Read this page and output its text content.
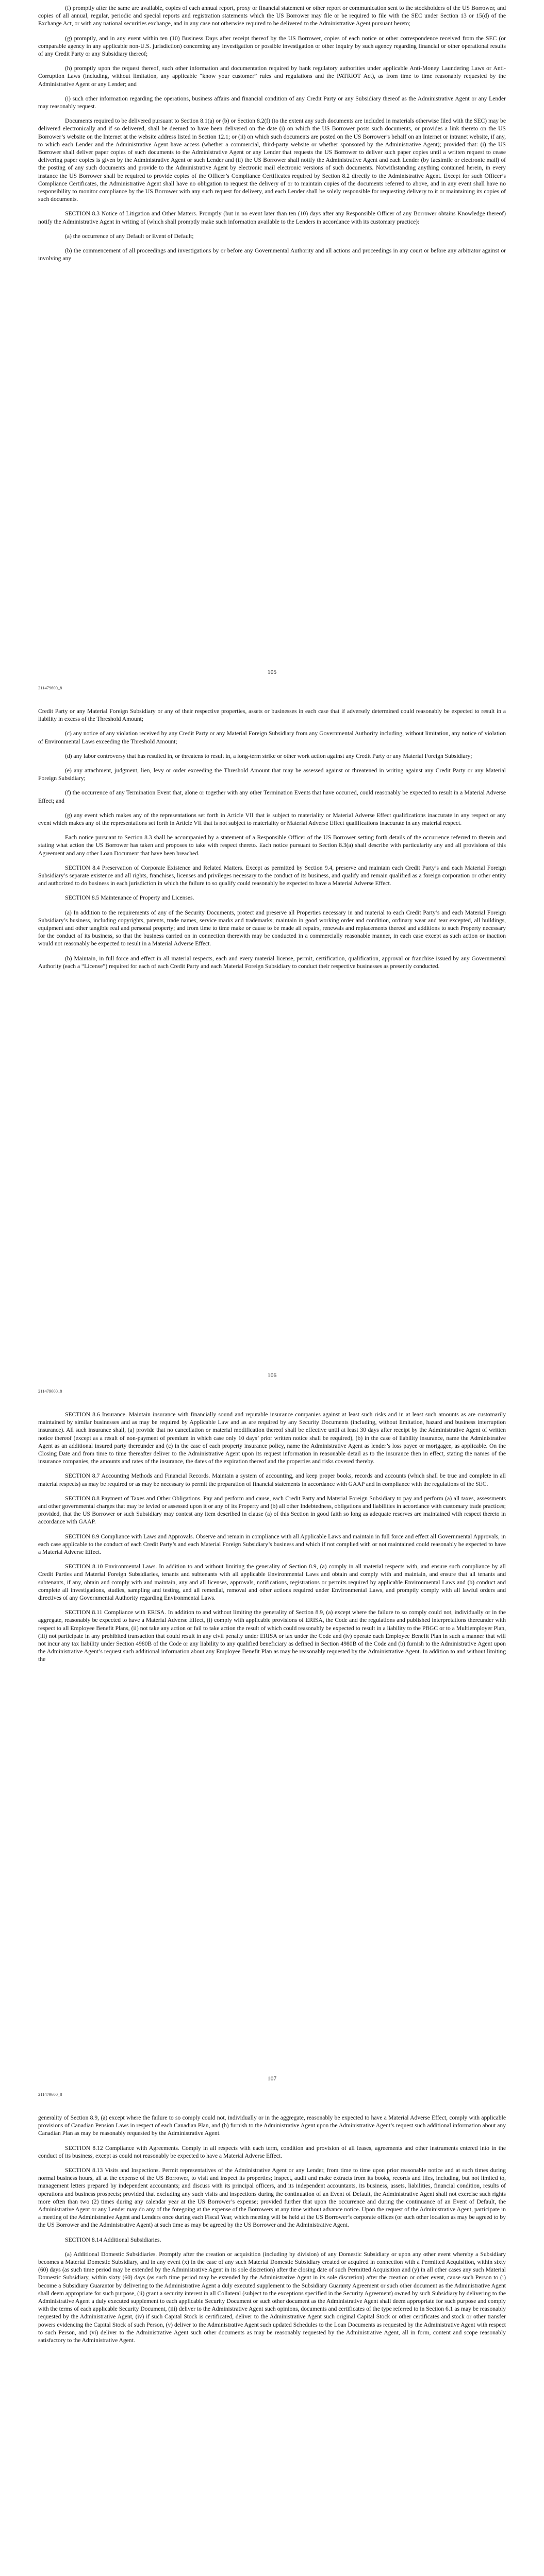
(f) promptly after the same are available, copies of each annual report, proxy or financial statement or other report or communication sent to the stockholders of the US Borrower, and copies of all annual, regular, periodic and special reports and registration statements which the US Borrower may file or be required to file with the SEC under Section 13 or 15(d) of the Exchange Act, or with any national securities exchange, and in any case not otherwise required to be delivered to the Administrative Agent pursuant hereto;

(g) promptly, and in any event within ten (10) Business Days after receipt thereof by the US Borrower, copies of each notice or other correspondence received from the SEC (or comparable agency in any applicable non-U.S. jurisdiction) concerning any investigation or possible investigation or other inquiry by such agency regarding financial or other operational results of any Credit Party or any Subsidiary thereof;

(h) promptly upon the request thereof, such other information and documentation required by bank regulatory authorities under applicable Anti-Money Laundering Laws or Anti-Corruption Laws (including, without limitation, any applicable “know your customer” rules and regulations and the PATRIOT Act), as from time to time reasonably requested by the Administrative Agent or any Lender; and

(i) such other information regarding the operations, business affairs and financial condition of any Credit Party or any Subsidiary thereof as the Administrative Agent or any Lender may reasonably request.

Documents required to be delivered pursuant to Section 8.1(a) or (b) or Section 8.2(f) (to the extent any such documents are included in materials otherwise filed with the SEC) may be delivered electronically and if so delivered, shall be deemed to have been delivered on the date (i) on which the US Borrower posts such documents, or provides a link thereto on the US Borrower’s website on the Internet at the website address listed in Section 12.1; or (ii) on which such documents are posted on the US Borrower’s behalf on an Internet or intranet website, if any, to which each Lender and the Administrative Agent have access (whether a commercial, third-party website or whether sponsored by the Administrative Agent); provided that: (i) the US Borrower shall deliver paper copies of such documents to the Administrative Agent or any Lender that requests the US Borrower to deliver such paper copies until a written request to cease delivering paper copies is given by the Administrative Agent or such Lender and (ii) the US Borrower shall notify the Administrative Agent and each Lender (by facsimile or electronic mail) of the posting of any such documents and provide to the Administrative Agent by electronic mail electronic versions of such documents. Notwithstanding anything contained herein, in every instance the US Borrower shall be required to provide copies of the Officer’s Compliance Certificates required by Section 8.2 directly to the Administrative Agent. Except for such Officer’s Compliance Certificates, the Administrative Agent shall have no obligation to request the delivery of or to maintain copies of the documents referred to above, and in any event shall have no responsibility to monitor compliance by the US Borrower with any such request for delivery, and each Lender shall be solely responsible for requesting delivery to it or maintaining its copies of such documents.

SECTION 8.3 Notice of Litigation and Other Matters. Promptly (but in no event later than ten (10) days after any Responsible Officer of any Borrower obtains Knowledge thereof) notify the Administrative Agent in writing of (which shall promptly make such information available to the Lenders in accordance with its customary practice):

(a) the occurrence of any Default or Event of Default;

(b) the commencement of all proceedings and investigations by or before any Governmental Authority and all actions and proceedings in any court or before any arbitrator against or involving any

105
211479600_8

Credit Party or any Material Foreign Subsidiary or any of their respective properties, assets or businesses in each case that if adversely determined could reasonably be expected to result in a liability in excess of the Threshold Amount;

(c) any notice of any violation received by any Credit Party or any Material Foreign Subsidiary from any Governmental Authority including, without limitation, any notice of violation of Environmental Laws exceeding the Threshold Amount;

(d) any labor controversy that has resulted in, or threatens to result in, a long-term strike or other work action against any Credit Party or any Material Foreign Subsidiary;

(e) any attachment, judgment, lien, levy or order exceeding the Threshold Amount that may be assessed against or threatened in writing against any Credit Party or any Material Foreign Subsidiary;

(f) the occurrence of any Termination Event that, alone or together with any other Termination Events that have occurred, could reasonably be expected to result in a Material Adverse Effect; and

(g) any event which makes any of the representations set forth in Article VII that is subject to materiality or Material Adverse Effect qualifications inaccurate in any respect or any event which makes any of the representations set forth in Article VII that is not subject to materiality or Material Adverse Effect qualifications inaccurate in any material respect.

Each notice pursuant to Section 8.3 shall be accompanied by a statement of a Responsible Officer of the US Borrower setting forth details of the occurrence referred to therein and stating what action the US Borrower has taken and proposes to take with respect thereto. Each notice pursuant to Section 8.3(a) shall describe with particularity any and all provisions of this Agreement and any other Loan Document that have been breached.

SECTION 8.4 Preservation of Corporate Existence and Related Matters. Except as permitted by Section 9.4, preserve and maintain each Credit Party’s and each Material Foreign Subsidiary’s separate existence and all rights, franchises, licenses and privileges necessary to the conduct of its business, and qualify and remain qualified as a foreign corporation or other entity and authorized to do business in each jurisdiction in which the failure to so qualify could reasonably be expected to have a Material Adverse Effect.

SECTION 8.5 Maintenance of Property and Licenses.

(a) In addition to the requirements of any of the Security Documents, protect and preserve all Properties necessary in and material to each Credit Party’s and each Material Foreign Subsidiary’s business, including copyrights, patents, trade names, service marks and trademarks; maintain in good working order and condition, ordinary wear and tear excepted, all buildings, equipment and other tangible real and personal property; and from time to time make or cause to be made all repairs, renewals and replacements thereof and additions to such Property necessary for the conduct of its business, so that the business carried on in connection therewith may be conducted in a commercially reasonable manner, in each case except as such action or inaction would not reasonably be expected to result in a Material Adverse Effect.

(b) Maintain, in full force and effect in all material respects, each and every material license, permit, certification, qualification, approval or franchise issued by any Governmental Authority (each a “License”) required for each of each Credit Party and each Material Foreign Subsidiary to conduct their respective businesses as presently conducted.

106
211479600_8

SECTION 8.6 Insurance. Maintain insurance with financially sound and reputable insurance companies against at least such risks and in at least such amounts as are customarily maintained by similar businesses and as may be required by Applicable Law and as are required by any Security Documents (including, without limitation, hazard and business interruption insurance). All such insurance shall, (a) provide that no cancellation or material modification thereof shall be effective until at least 30 days after receipt by the Administrative Agent of written notice thereof (except as a result of non-payment of premium in which case only 10 days’ prior written notice shall be required), (b) in the case of liability insurance, name the Administrative Agent as an additional insured party thereunder and (c) in the case of each property insurance policy, name the Administrative Agent as lender’s loss payee or mortgagee, as applicable. On the Closing Date and from time to time thereafter deliver to the Administrative Agent upon its request information in reasonable detail as to the insurance then in effect, stating the names of the insurance companies, the amounts and rates of the insurance, the dates of the expiration thereof and the properties and risks covered thereby.

SECTION 8.7 Accounting Methods and Financial Records. Maintain a system of accounting, and keep proper books, records and accounts (which shall be true and complete in all material respects) as may be required or as may be necessary to permit the preparation of financial statements in accordance with GAAP and in compliance with the regulations of the SEC.

SECTION 8.8 Payment of Taxes and Other Obligations. Pay and perform and cause, each Credit Party and Material Foreign Subsidiary to pay and perform (a) all taxes, assessments and other governmental charges that may be levied or assessed upon it or any of its Property and (b) all other Indebtedness, obligations and liabilities in accordance with customary trade practices; provided, that the US Borrower or such Subsidiary may contest any item described in clause (a) of this Section in good faith so long as adequate reserves are maintained with respect thereto in accordance with GAAP.

SECTION 8.9 Compliance with Laws and Approvals. Observe and remain in compliance with all Applicable Laws and maintain in full force and effect all Governmental Approvals, in each case applicable to the conduct of each Credit Party’s and each Material Foreign Subsidiary’s business and which if not complied with or not maintained could reasonably be expected to have a Material Adverse Effect.

SECTION 8.10 Environmental Laws. In addition to and without limiting the generality of Section 8.9, (a) comply in all material respects with, and ensure such compliance by all Credit Parties and Material Foreign Subsidiaries, tenants and subtenants with all applicable Environmental Laws and obtain and comply with and maintain, and ensure that all tenants and subtenants, if any, obtain and comply with and maintain, any and all licenses, approvals, notifications, registrations or permits required by applicable Environmental Laws and (b) conduct and complete all investigations, studies, sampling and testing, and all remedial, removal and other actions required under Environmental Laws, and promptly comply with all lawful orders and directives of any Governmental Authority regarding Environmental Laws.

SECTION 8.11 Compliance with ERISA. In addition to and without limiting the generality of Section 8.9, (a) except where the failure to so comply could not, individually or in the aggregate, reasonably be expected to have a Material Adverse Effect, (i) comply with applicable provisions of ERISA, the Code and the regulations and published interpretations thereunder with respect to all Employee Benefit Plans, (ii) not take any action or fail to take action the result of which could reasonably be expected to result in a liability to the PBGC or to a Multiemployer Plan, (iii) not participate in any prohibited transaction that could result in any civil penalty under ERISA or tax under the Code and (iv) operate each Employee Benefit Plan in such a manner that will not incur any tax liability under Section 4980B of the Code or any liability to any qualified beneficiary as defined in Section 4980B of the Code and (b) furnish to the Administrative Agent upon the Administrative Agent’s request such additional information about any Employee Benefit Plan as may be reasonably requested by the Administrative Agent. In addition to and without limiting the

107
211479600_8

generality of Section 8.9, (a) except where the failure to so comply could not, individually or in the aggregate, reasonably be expected to have a Material Adverse Effect, comply with applicable provisions of Canadian Pension Laws in respect of each Canadian Plan, and (b) furnish to the Administrative Agent upon the Administrative Agent’s request such additional information about any Canadian Plan as may be reasonably requested by the Administrative Agent.

SECTION 8.12 Compliance with Agreements. Comply in all respects with each term, condition and provision of all leases, agreements and other instruments entered into in the conduct of its business, except as could not reasonably be expected to have a Material Adverse Effect.

SECTION 8.13 Visits and Inspections. Permit representatives of the Administrative Agent or any Lender, from time to time upon prior reasonable notice and at such times during normal business hours, all at the expense of the US Borrower, to visit and inspect its properties; inspect, audit and make extracts from its books, records and files, including, but not limited to, management letters prepared by independent accountants; and discuss with its principal officers, and its independent accountants, its business, assets, liabilities, financial condition, results of operations and business prospects; provided that excluding any such visits and inspections during the continuation of an Event of Default, the Administrative Agent shall not exercise such rights more often than two (2) times during any calendar year at the US Borrower’s expense; provided further that upon the occurrence and during the continuance of an Event of Default, the Administrative Agent or any Lender may do any of the foregoing at the expense of the Borrowers at any time without advance notice. Upon the request of the Administrative Agent, participate in a meeting of the Administrative Agent and Lenders once during each Fiscal Year, which meeting will be held at the US Borrower’s corporate offices (or such other location as may be agreed to by the US Borrower and the Administrative Agent) at such time as may be agreed by the US Borrower and the Administrative Agent.

SECTION 8.14 Additional Subsidiaries.

(a) Additional Domestic Subsidiaries. Promptly after the creation or acquisition (including by division) of any Domestic Subsidiary or upon any other event whereby a Subsidiary becomes a Material Domestic Subsidiary, and in any event (x) in the case of any such Material Domestic Subsidiary created or acquired in connection with a Permitted Acquisition, within sixty (60) days (as such time period may be extended by the Administrative Agent in its sole discretion) after the closing date of such Permitted Acquisition and (y) in all other cases any such Material Domestic Subsidiary, within sixty (60) days (as such time period may be extended by the Administrative Agent in its sole discretion) after the creation or other event, cause such Person to (i) become a Subsidiary Guarantor by delivering to the Administrative Agent a duly executed supplement to the Subsidiary Guaranty Agreement or such other document as the Administrative Agent shall deem appropriate for such purpose, (ii) grant a security interest in all Collateral (subject to the exceptions specified in the Security Agreement) owned by such Subsidiary by delivering to the Administrative Agent a duly executed supplement to each applicable Security Document or such other document as the Administrative Agent shall deem appropriate for such purpose and comply with the terms of each applicable Security Document, (iii) deliver to the Administrative Agent such opinions, documents and certificates of the type referred to in Section 6.1 as may be reasonably requested by the Administrative Agent, (iv) if such Capital Stock is certificated, deliver to the Administrative Agent such original Capital Stock or other certificates and stock or other transfer powers evidencing the Capital Stock of such Person, (v) deliver to the Administrative Agent such updated Schedules to the Loan Documents as requested by the Administrative Agent with respect to such Person, and (vi) deliver to the Administrative Agent such other documents as may be reasonably requested by the Administrative Agent, all in form, content and scope reasonably satisfactory to the Administrative Agent.
